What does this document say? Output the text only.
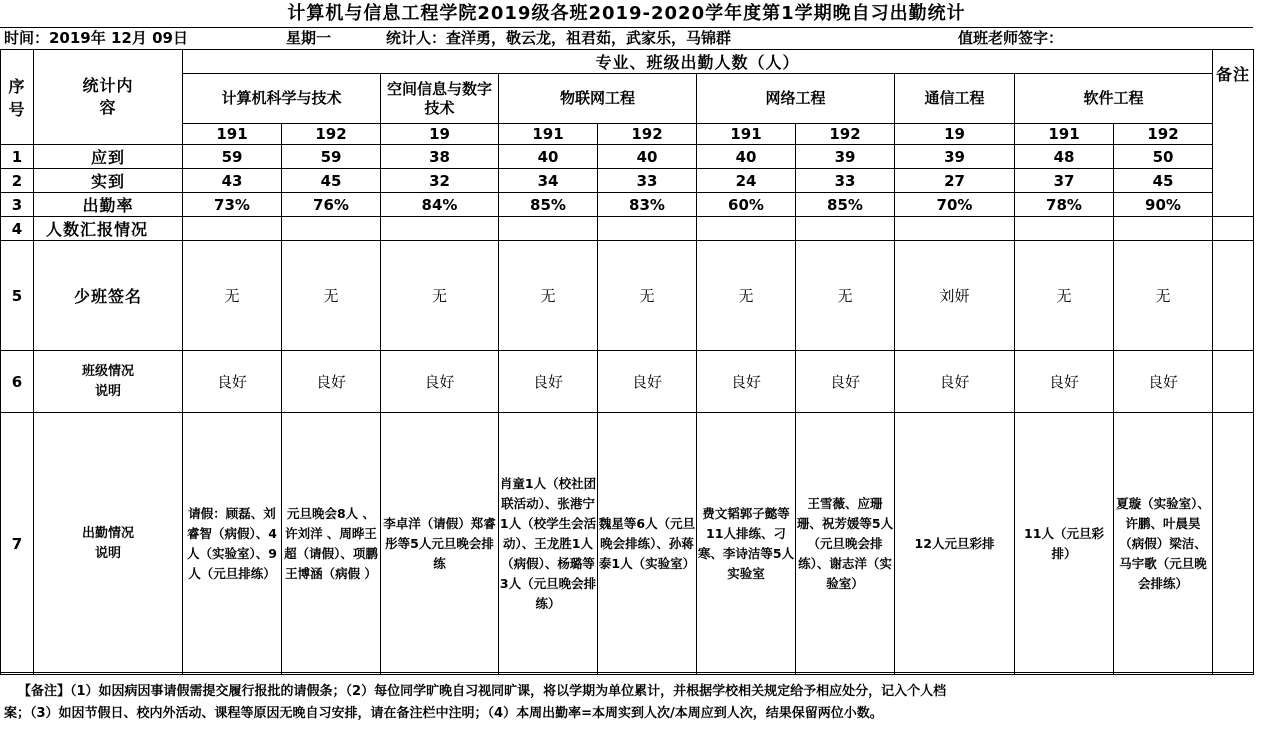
计算机与信息工程学院2019级各班2019-2020学年度第1学期晚自习出勤统计
时间：2019年 12月 09日	星期一	统计人：查洋勇，敬云龙，祖君茹，武家乐，马锦群	值班老师签字：
序号	统计内容	专业、班级出勤人数（人）										备注
		计算机科学与技术		空间信息与数字技术	物联网工程		网络工程		通信工程	软件工程		
		191	192	19	191	192	191	192	19	191	192	
1	应到	59	59	38	40	40	40	39	39	48	50	
2	实到	43	45	32	34	33	24	33	27	37	45	
3	出勤率	73%	76%	84%	85%	83%	60%	85%	70%	78%	90%	
4	人数汇报情况											
5	少班签名	无	无	无	无	无	无	无	刘妍	无	无	
6	班级情况说明	良好	良好	良好	良好	良好	良好	良好	良好	良好	良好	
7	出勤情况说明	请假：顾磊、刘睿智（病假）、4人（实验室）、9人（元旦排练）	元旦晚会8人 、许刘洋 、周晔王超（请假）、项鹏王博涵（病假 ）	李卓洋（请假）郑睿彤等5人元旦晚会排练	肖童1人（校社团联活动）、张港宁1人（校学生会活动）、王龙胜1人（病假）、杨璐等3人（元旦晚会排练）	魏星等6人（元旦晚会排练）、孙蒋泰1人（实验室）	费文韬郭子懿等11人排练、刁寒、李诗洁等5人实验室	王雪薇、应珊珊、祝芳媛等5人（元旦晚会排练）、谢志洋（实验室）	12人元旦彩排	11人（元旦彩排）	夏璇（实验室）、许鹏、叶晨昊（病假）梁洁、马宇歌（元旦晚会排练）	

【备注】（1）如因病因事请假需提交履行报批的请假条；（2）每位同学旷晚自习视同旷课，将以学期为单位累计，并根据学校相关规定给予相应处分，记入个人档

案；（3）如因节假日、校内外活动、课程等原因无晚自习安排，请在备注栏中注明；（4）本周出勤率=本周实到人次/本周应到人次，结果保留两位小数。
